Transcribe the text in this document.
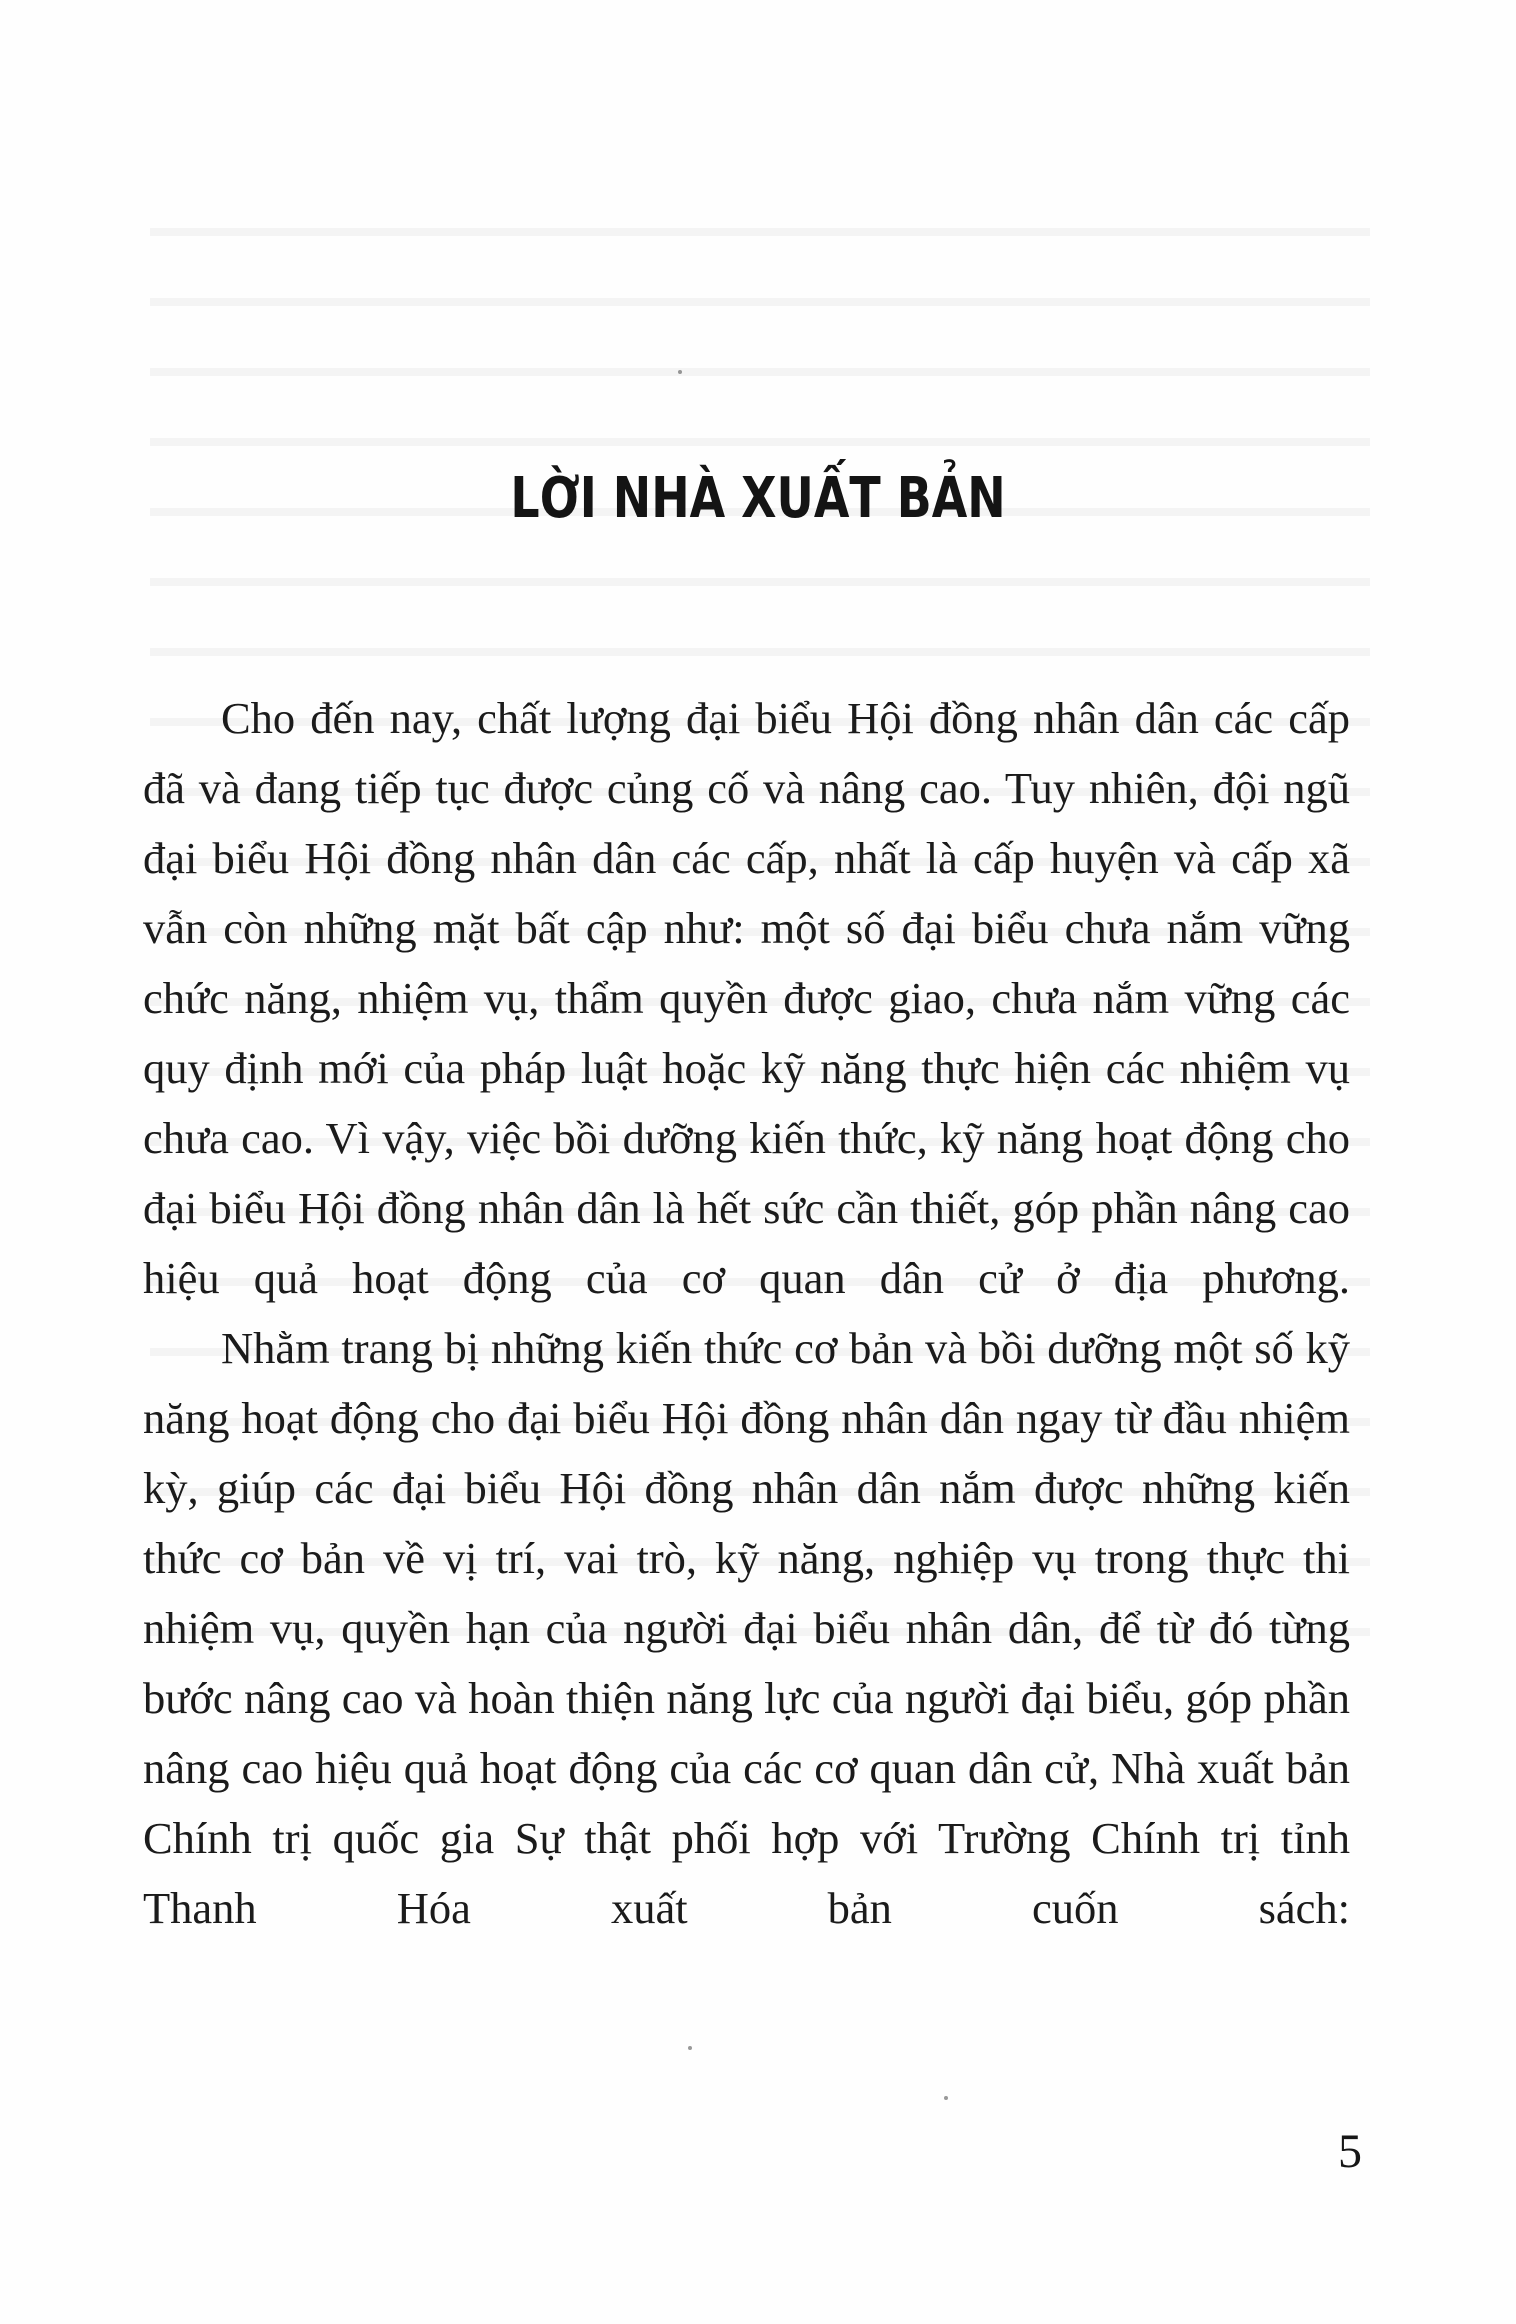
LỜI NHÀ XUẤT BẢN

Cho đến nay, chất lượng đại biểu Hội đồng nhân dân các cấp đã và đang tiếp tục được củng cố và nâng cao. Tuy nhiên, đội ngũ đại biểu Hội đồng nhân dân các cấp, nhất là cấp huyện và cấp xã vẫn còn những mặt bất cập như: một số đại biểu chưa nắm vững chức năng, nhiệm vụ, thẩm quyền được giao, chưa nắm vững các quy định mới của pháp luật hoặc kỹ năng thực hiện các nhiệm vụ chưa cao. Vì vậy, việc bồi dưỡng kiến thức, kỹ năng hoạt động cho đại biểu Hội đồng nhân dân là hết sức cần thiết, góp phần nâng cao hiệu quả hoạt động của cơ quan dân cử ở địa phương.

Nhằm trang bị những kiến thức cơ bản và bồi dưỡng một số kỹ năng hoạt động cho đại biểu Hội đồng nhân dân ngay từ đầu nhiệm kỳ, giúp các đại biểu Hội đồng nhân dân nắm được những kiến thức cơ bản về vị trí, vai trò, kỹ năng, nghiệp vụ trong thực thi nhiệm vụ, quyền hạn của người đại biểu nhân dân, để từ đó từng bước nâng cao và hoàn thiện năng lực của người đại biểu, góp phần nâng cao hiệu quả hoạt động của các cơ quan dân cử, Nhà xuất bản Chính trị quốc gia Sự thật phối hợp với Trường Chính trị tỉnh Thanh Hóa xuất bản cuốn sách:

5
